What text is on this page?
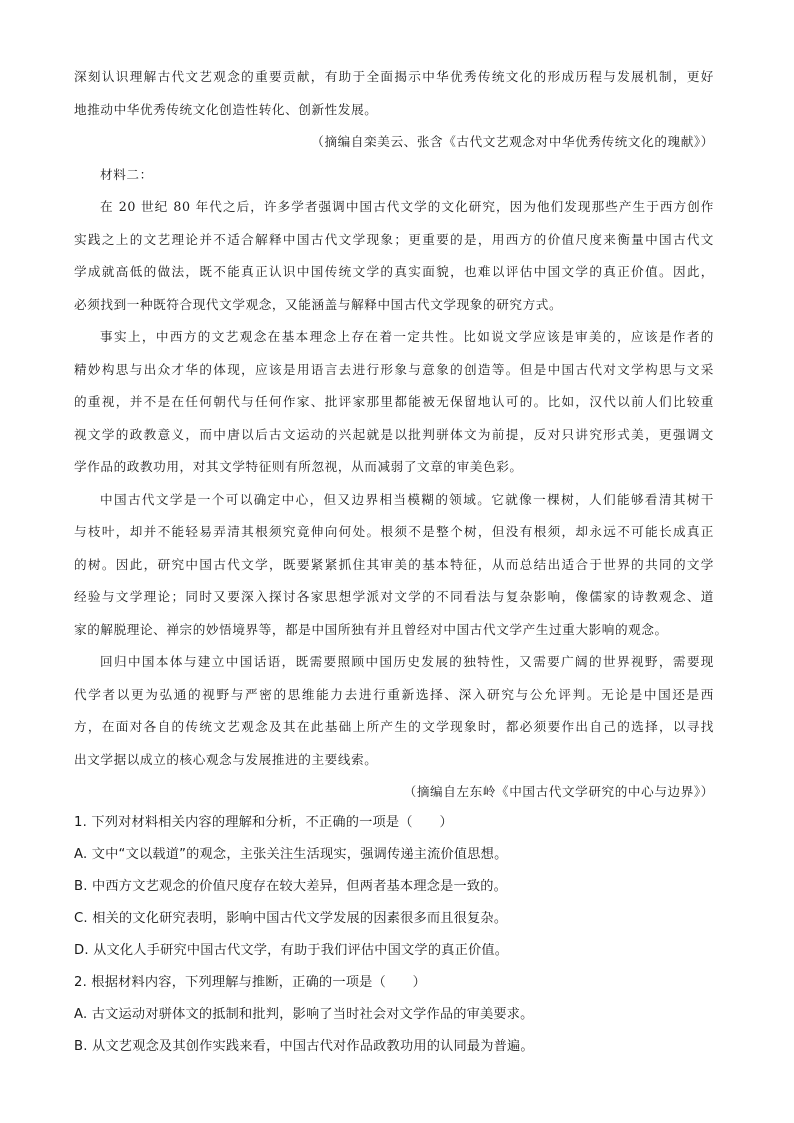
深刻认识理解古代文艺观念的重要贡献，有助于全面揭示中华优秀传统文化的形成历程与发展机制，更好
地推动中华优秀传统文化创造性转化、创新性发展。
（摘编自栾美云、张含《古代文艺观念对中华优秀传统文化的瑰献》）
材料二：
在 20 世纪 80 年代之后，许多学者强调中国古代文学的文化研究，因为他们发现那些产生于西方创作
实践之上的文艺理论并不适合解释中国古代文学现象；更重要的是，用西方的价值尺度来衡量中国古代文
学成就高低的做法，既不能真正认识中国传统文学的真实面貌，也难以评估中国文学的真正价值。因此，
必须找到一种既符合现代文学观念，又能涵盖与解释中国古代文学现象的研究方式。
事实上，中西方的文艺观念在基本理念上存在着一定共性。比如说文学应该是审美的，应该是作者的
精妙构思与出众才华的体现，应该是用语言去进行形象与意象的创造等。但是中国古代对文学构思与文采
的重视，并不是在任何朝代与任何作家、批评家那里都能被无保留地认可的。比如，汉代以前人们比较重
视文学的政教意义，而中唐以后古文运动的兴起就是以批判骈体文为前提，反对只讲究形式美，更强调文
学作品的政教功用，对其文学特征则有所忽视，从而减弱了文章的审美色彩。
中国古代文学是一个可以确定中心，但又边界相当模糊的领域。它就像一棵树，人们能够看清其树干
与枝叶，却并不能轻易弄清其根须究竟伸向何处。根须不是整个树，但没有根须，却永远不可能长成真正
的树。因此，研究中国古代文学，既要紧紧抓住其审美的基本特征，从而总结出适合于世界的共同的文学
经验与文学理论；同时又要深入探讨各家思想学派对文学的不同看法与复杂影响，像儒家的诗教观念、道
家的解脱理论、禅宗的妙悟境界等，都是中国所独有并且曾经对中国古代文学产生过重大影响的观念。
回归中国本体与建立中国话语，既需要照顾中国历史发展的独特性，又需要广阔的世界视野，需要现
代学者以更为弘通的视野与严密的思维能力去进行重新选择、深入研究与公允评判。无论是中国还是西
方，在面对各自的传统文艺观念及其在此基础上所产生的文学现象时，都必须要作出自己的选择，以寻找
出文学据以成立的核心观念与发展推进的主要线索。
（摘编自左东岭《中国古代文学研究的中心与边界》）
1. 下列对材料相关内容的理解和分析，不正确的一项是（　　）
A. 文中“文以载道”的观念，主张关注生活现实，强调传递主流价值思想。
B. 中西方文艺观念的价值尺度存在较大差异，但两者基本理念是一致的。
C. 相关的文化研究表明，影响中国古代文学发展的因素很多而且很复杂。
D. 从文化人手研究中国古代文学，有助于我们评估中国文学的真正价值。
2. 根据材料内容，下列理解与推断，正确的一项是（　　）
A. 古文运动对骈体文的抵制和批判，影响了当时社会对文学作品的审美要求。
B. 从文艺观念及其创作实践来看，中国古代对作品政教功用的认同最为普遍。
